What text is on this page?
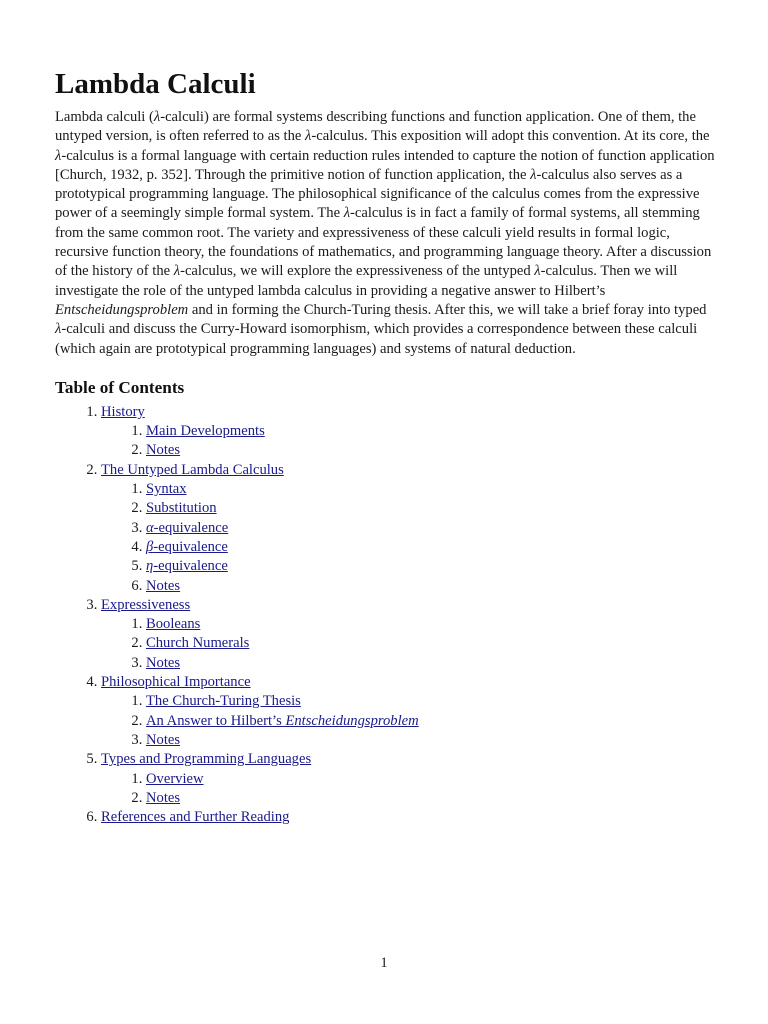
Lambda Calculi

Lambda calculi (λ-calculi) are formal systems describing functions and function application. One of them, the untyped version, is often referred to as the λ-calculus. This exposition will adopt this convention. At its core, the λ-calculus is a formal language with certain reduction rules intended to capture the notion of function application [Church, 1932, p. 352]. Through the primitive notion of function application, the λ-calculus also serves as a prototypical programming language. The philosophical significance of the calculus comes from the expressive power of a seemingly simple formal system. The λ-calculus is in fact a family of formal systems, all stemming from the same common root. The variety and expressiveness of these calculi yield results in formal logic, recursive function theory, the foundations of mathematics, and programming language theory. After a discussion of the history of the λ-calculus, we will explore the expressiveness of the untyped λ-calculus. Then we will investigate the role of the untyped lambda calculus in providing a negative answer to Hilbert’s Entscheidungsproblem and in forming the Church-Turing thesis. After this, we will take a brief foray into typed λ-calculi and discuss the Curry-Howard isomorphism, which provides a correspondence between these calculi (which again are prototypical programming languages) and systems of natural deduction.

Table of Contents
1. History
1. Main Developments
2. Notes
2. The Untyped Lambda Calculus
1. Syntax
2. Substitution
3. α-equivalence
4. β-equivalence
5. η-equivalence
6. Notes
3. Expressiveness
1. Booleans
2. Church Numerals
3. Notes
4. Philosophical Importance
1. The Church-Turing Thesis
2. An Answer to Hilbert’s Entscheidungsproblem
3. Notes
5. Types and Programming Languages
1. Overview
2. Notes
6. References and Further Reading
1
